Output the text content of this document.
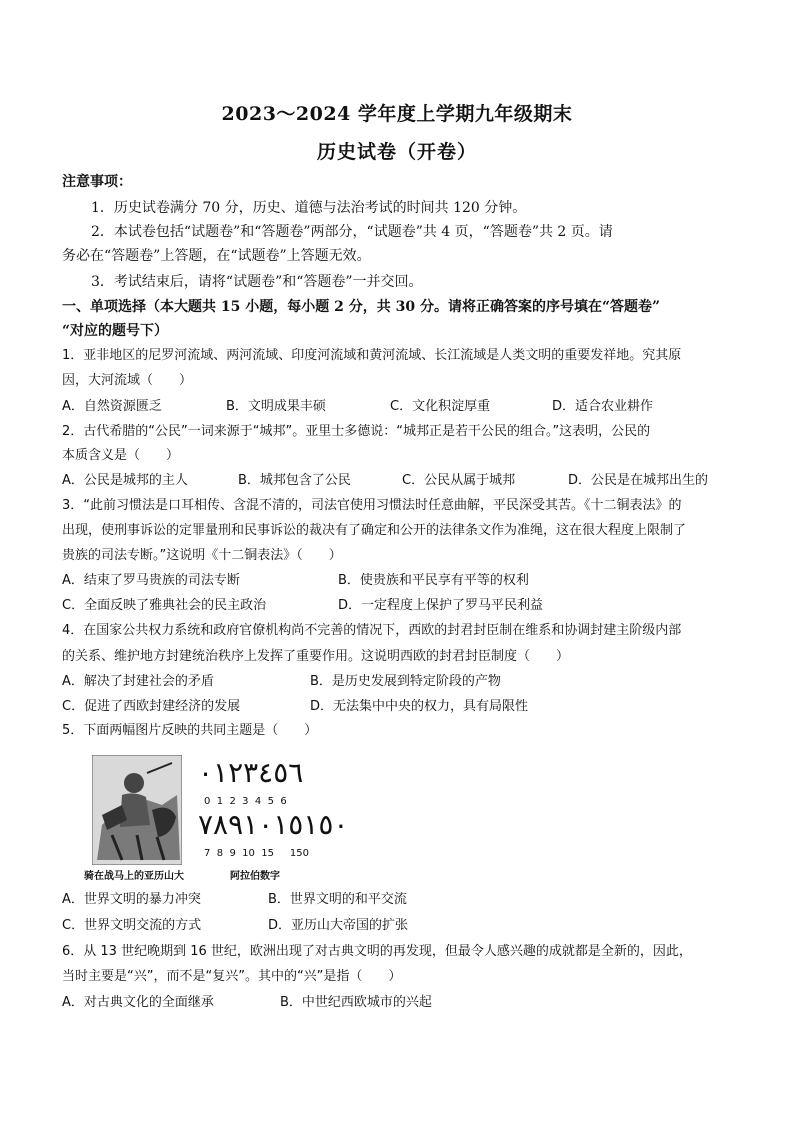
2023～2024 学年度上学期九年级期末
历史试卷（开卷）
注意事项：
1．历史试卷满分 70 分，历史、道德与法治考试的时间共 120 分钟。
2．本试卷包括“试题卷”和“答题卷”两部分，“试题卷”共 4 页，“答题卷”共 2 页。请
务必在“答题卷”上答题，在“试题卷”上答题无效。
3．考试结束后，请将“试题卷”和“答题卷”一并交回。
一、单项选择（本大题共 15 小题，每小题 2 分，共 30 分。请将正确答案的序号填在“答题卷”
“对应的题号下）
1．亚非地区的尼罗河流域、两河流域、印度河流域和黄河流域、长江流域是人类文明的重要发祥地。究其原
因，大河流域（　　）
A．自然资源匮乏	B．文明成果丰硕	C．文化积淀厚重	D．适合农业耕作
2．古代希腊的“公民”一词来源于“城邦”。亚里士多德说：“城邦正是若干公民的组合。”这表明，公民的
本质含义是（　　）
A．公民是城邦的主人	B．城邦包含了公民	C．公民从属于城邦	D．公民是在城邦出生的
3．“此前习惯法是口耳相传、含混不清的，司法官使用习惯法时任意曲解，平民深受其苦。《十二铜表法》的
出现，使刑事诉讼的定罪量刑和民事诉讼的裁决有了确定和公开的法律条文作为准绳，这在很大程度上限制了
贵族的司法专断。”这说明《十二铜表法》（　　）
A．结束了罗马贵族的司法专断	B．使贵族和平民享有平等的权利
C．全面反映了雅典社会的民主政治	D．一定程度上保护了罗马平民利益
4．在国家公共权力系统和政府官僚机构尚不完善的情况下，西欧的封君封臣制在维系和协调封建主阶级内部
的关系、维护地方封建统治秩序上发挥了重要作用。这说明西欧的封君封臣制度（　　）
A．解决了封建社会的矛盾	B．是历史发展到特定阶段的产物
C．促进了西欧封建经济的发展	D．无法集中中央的权力，具有局限性
5．下面两幅图片反映的共同主题是（　　）
骑在战马上的亚历山大
٠١٢٣٤٥٦
0  1  2  3  4  5  6
٧٨٩١٠١٥١٥٠
7  8  9  10  15     150
阿拉伯数字
A．世界文明的暴力冲突	B．世界文明的和平交流
C．世界文明交流的方式	D．亚历山大帝国的扩张
6．从 13 世纪晚期到 16 世纪，欧洲出现了对古典文明的再发现，但最令人感兴趣的成就都是全新的，因此，
当时主要是“兴”，而不是“复兴”。其中的“兴”是指（　　）
A．对古典文化的全面继承	B．中世纪西欧城市的兴起
